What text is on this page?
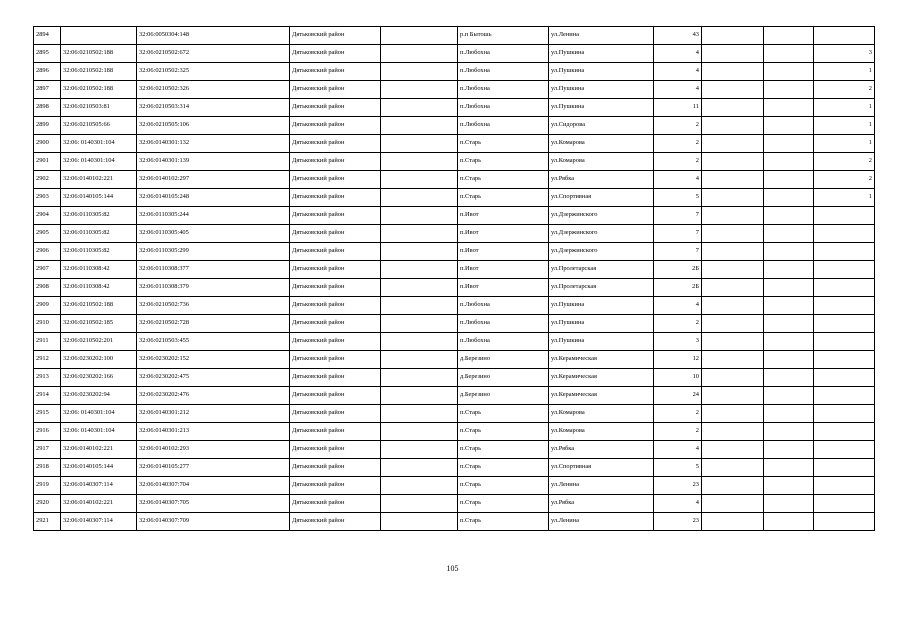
2894		32:06:0050304:148	Дятьковский район		р.п Бытошь	ул.Ленина	43			
2895	32:06:0210502:188	32:06:0210502:672	Дятьковский район		п.Любохна	ул.Пушкина	4			3
2896	32:06:0210502:188	32:06:0210502:325	Дятьковский район		п.Любохна	ул.Пушкина	4			1
2897	32:06:0210502:188	32:06:0210502:326	Дятьковский район		п.Любохна	ул.Пушкина	4			2
2898	32:06:0210503:81	32:06:0210503:314	Дятьковский район		п.Любохна	ул.Пушкина	11			1
2899	32:06:0210505:66	32:06:0210505:106	Дятьковский район		п.Любохна	ул.Сидорова	2			1
2900	32:06: 0140301:104	32:06:0140301:132	Дятьковский район		п.Старь	ул.Комарова	2			1
2901	32:06: 0140301:104	32:06:0140301:139	Дятьковский район		п.Старь	ул.Комарова	2			2
2902	32:06:0140102:221	32:06:0140102:297	Дятьковский район		п.Старь	ул.Рябка	4			2
2903	32:06:0140105:144	32:06:0140105:248	Дятьковский район		п.Старь	ул.Спортивная	5			1
2904	32:06:0110305:82	32:06:0110305:244	Дятьковский район		п.Ивот	ул.Дзержинского	7			
2905	32:06:0110305:82	32:06:0110305:405	Дятьковский район		п.Ивот	ул.Дзержинского	7			
2906	32:06:0110305:82	32:06:0110305:299	Дятьковский район		п.Ивот	ул.Дзержинского	7			
2907	32:06:0110308:42	32:06:0110308:377	Дятьковский район		п.Ивот	ул.Пролетарская	2Б			
2908	32:06:0110308:42	32:06:0110308:379	Дятьковский район		п.Ивот	ул.Пролетарская	2Б			
2909	32:06:0210502:188	32:06:0210502:736	Дятьковский район		п.Любохна	ул.Пушкина	4			
2910	32:06:0210502:185	32:06:0210502:728	Дятьковский район		п.Любохна	ул.Пушкина	2			
2911	32:06:0210502:201	32:06:0210503:455	Дятьковский район		п.Любохна	ул.Пушкина	3			
2912	32:06:0230202:100	32:06:0230202:152	Дятьковский район		д.Березино	ул.Керамическая	12			
2913	32:06:0230202:166	32:06:0230202:475	Дятьковский район		д.Березино	ул.Керамическая	10			
2914	32:06:0230202:94	32:06:0230202:476	Дятьковский район		д.Березино	ул.Керамическая	24			
2915	32:06: 0140301:104	32:06:0140301:212	Дятьковский район		п.Старь	ул.Комарова	2			
2916	32:06: 0140301:104	32:06:0140301:213	Дятьковский район		п.Старь	ул.Комарова	2			
2917	32:06:0140102:221	32:06:0140102:293	Дятьковский район		п.Старь	ул.Рябка	4			
2918	32:06:0140105:144	32:06:0140105:277	Дятьковский район		п.Старь	ул.Спортивная	5			
2919	32:06:0140307:114	32:06:0140307:704	Дятьковский район		п.Старь	ул.Ленина	23			
2920	32:06:0140102:221	32:06:0140307:705	Дятьковский район		п.Старь	ул.Рябка	4			
2921	32:06:0140307:114	32:06:0140307:709	Дятьковский район		п.Старь	ул.Ленина	23			
105
